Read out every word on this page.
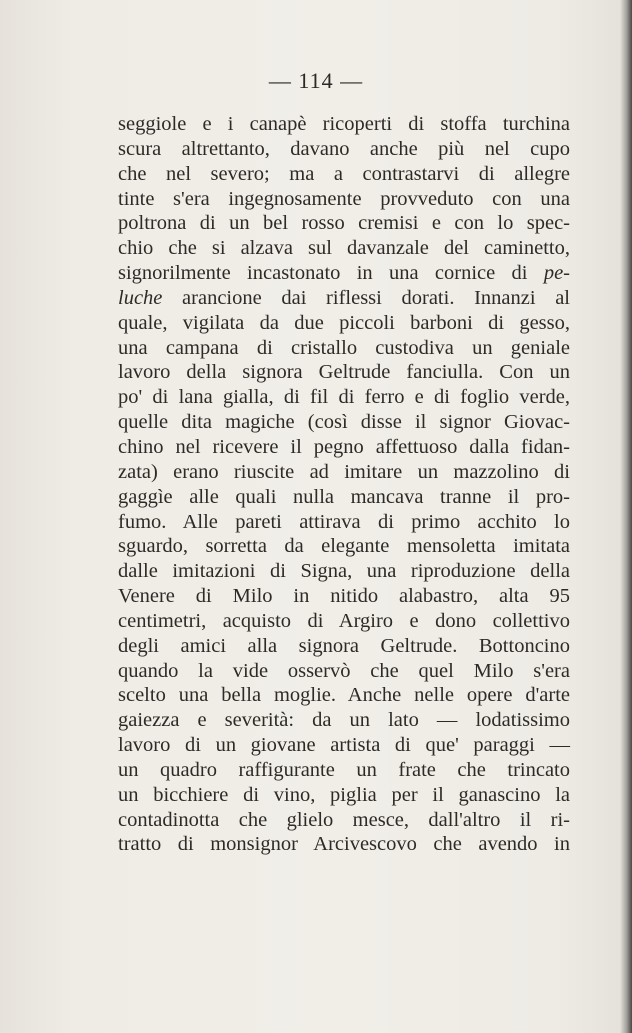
— 114 —
seggiole e i canapè ricoperti di stoffa turchina
scura altrettanto, davano anche più nel cupo
che nel severo; ma a contrastarvi di allegre
tinte s'era ingegnosamente provveduto con una
poltrona di un bel rosso cremisi e con lo spec-
chio che si alzava sul davanzale del caminetto,
signorilmente incastonato in una cornice di pe-
luche arancione dai riflessi dorati. Innanzi al
quale, vigilata da due piccoli barboni di gesso,
una campana di cristallo custodiva un geniale
lavoro della signora Geltrude fanciulla. Con un
po' di lana gialla, di fil di ferro e di foglio verde,
quelle dita magiche (così disse il signor Giovac-
chino nel ricevere il pegno affettuoso dalla fidan-
zata) erano riuscite ad imitare un mazzolino di
gaggìe alle quali nulla mancava tranne il pro-
fumo. Alle pareti attirava di primo acchito lo
sguardo, sorretta da elegante mensoletta imitata
dalle imitazioni di Signa, una riproduzione della
Venere di Milo in nitido alabastro, alta 95
centimetri, acquisto di Argiro e dono collettivo
degli amici alla signora Geltrude. Bottoncino
quando la vide osservò che quel Milo s'era
scelto una bella moglie. Anche nelle opere d'arte
gaiezza e severità: da un lato — lodatissimo
lavoro di un giovane artista di que' paraggi —
un quadro raffigurante un frate che trincato
un bicchiere di vino, piglia per il ganascino la
contadinotta che glielo mesce, dall'altro il ri-
tratto di monsignor Arcivescovo che avendo in
